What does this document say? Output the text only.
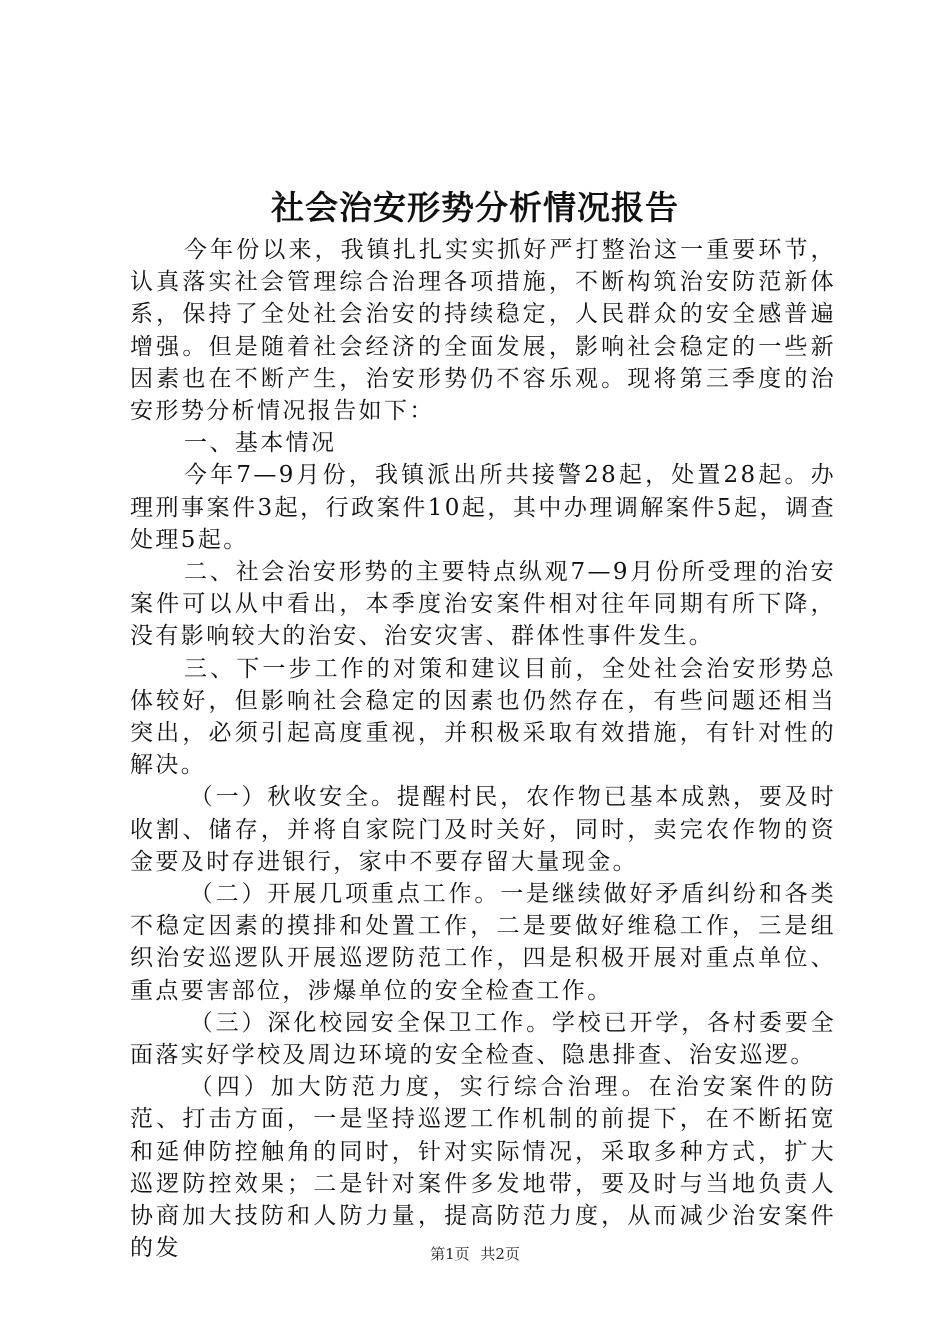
社会治安形势分析情况报告

今年份以来，我镇扎扎实实抓好严打整治这一重要环节，认真落实社会管理综合治理各项措施，不断构筑治安防范新体系，保持了全处社会治安的持续稳定，人民群众的安全感普遍增强。但是随着社会经济的全面发展，影响社会稳定的一些新因素也在不断产生，治安形势仍不容乐观。现将第三季度的治安形势分析情况报告如下：

一、基本情况

今年7—9月份，我镇派出所共接警28起，处置28起。办理刑事案件3起，行政案件10起，其中办理调解案件5起，调查处理5起。

二、社会治安形势的主要特点纵观7—9月份所受理的治安案件可以从中看出，本季度治安案件相对往年同期有所下降，没有影响较大的治安、治安灾害、群体性事件发生。

三、下一步工作的对策和建议目前，全处社会治安形势总体较好，但影响社会稳定的因素也仍然存在，有些问题还相当突出，必须引起高度重视，并积极采取有效措施，有针对性的解决。

（一）秋收安全。提醒村民，农作物已基本成熟，要及时收割、储存，并将自家院门及时关好，同时，卖完农作物的资金要及时存进银行，家中不要存留大量现金。

（二）开展几项重点工作。一是继续做好矛盾纠纷和各类不稳定因素的摸排和处置工作，二是要做好维稳工作，三是组织治安巡逻队开展巡逻防范工作，四是积极开展对重点单位、重点要害部位，涉爆单位的安全检查工作。

（三）深化校园安全保卫工作。学校已开学，各村委要全面落实好学校及周边环境的安全检查、隐患排查、治安巡逻。

（四）加大防范力度，实行综合治理。在治安案件的防范、打击方面，一是坚持巡逻工作机制的前提下，在不断拓宽和延伸防控触角的同时，针对实际情况，采取多种方式，扩大巡逻防控效果；二是针对案件多发地带，要及时与当地负责人协商加大技防和人防力量，提高防范力度，从而减少治安案件的发	第1页 共2页
